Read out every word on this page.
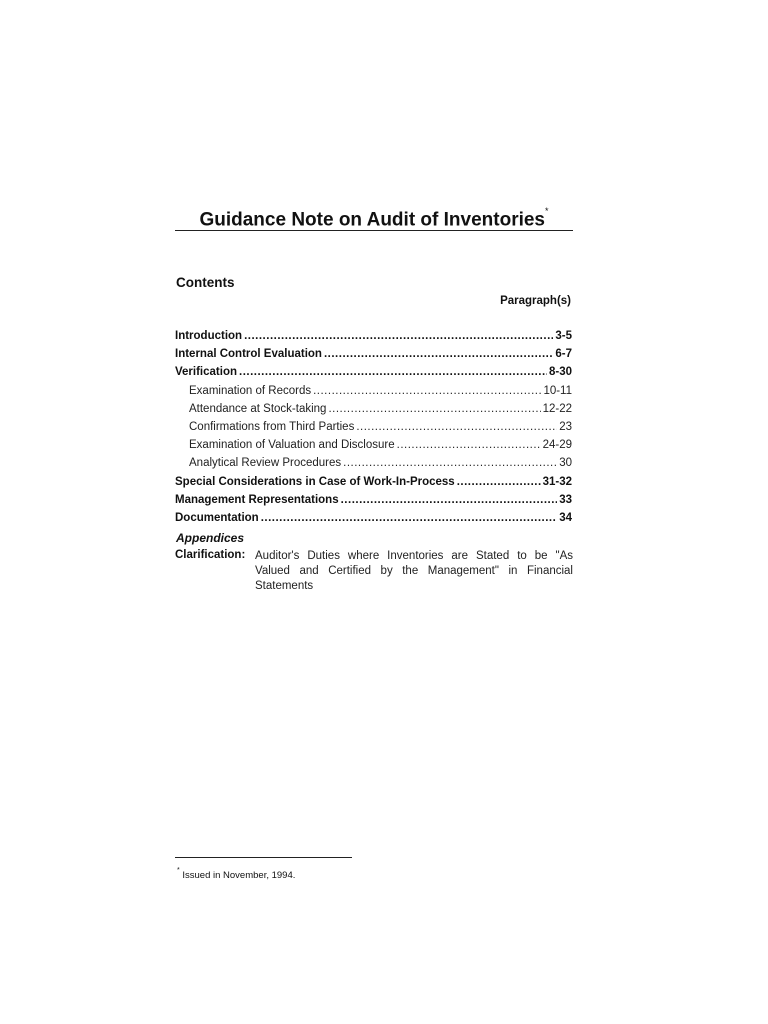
Guidance Note on Audit of Inventories*
Contents
Paragraph(s)
Introduction .....	3-5
Internal Control Evaluation .....	6-7
Verification .....	8-30
Examination of Records .....	10-11
Attendance at Stock-taking .....	12-22
Confirmations from Third Parties .....	23
Examination of Valuation and Disclosure .....	24-29
Analytical Review Procedures .....	30
Special Considerations in Case of Work-In-Process .....	31-32
Management Representations .....	33
Documentation .....	34
Appendices
Clarification: Auditor's Duties where Inventories are Stated to be "As Valued and Certified by the Management" in Financial Statements
* Issued in November, 1994.
